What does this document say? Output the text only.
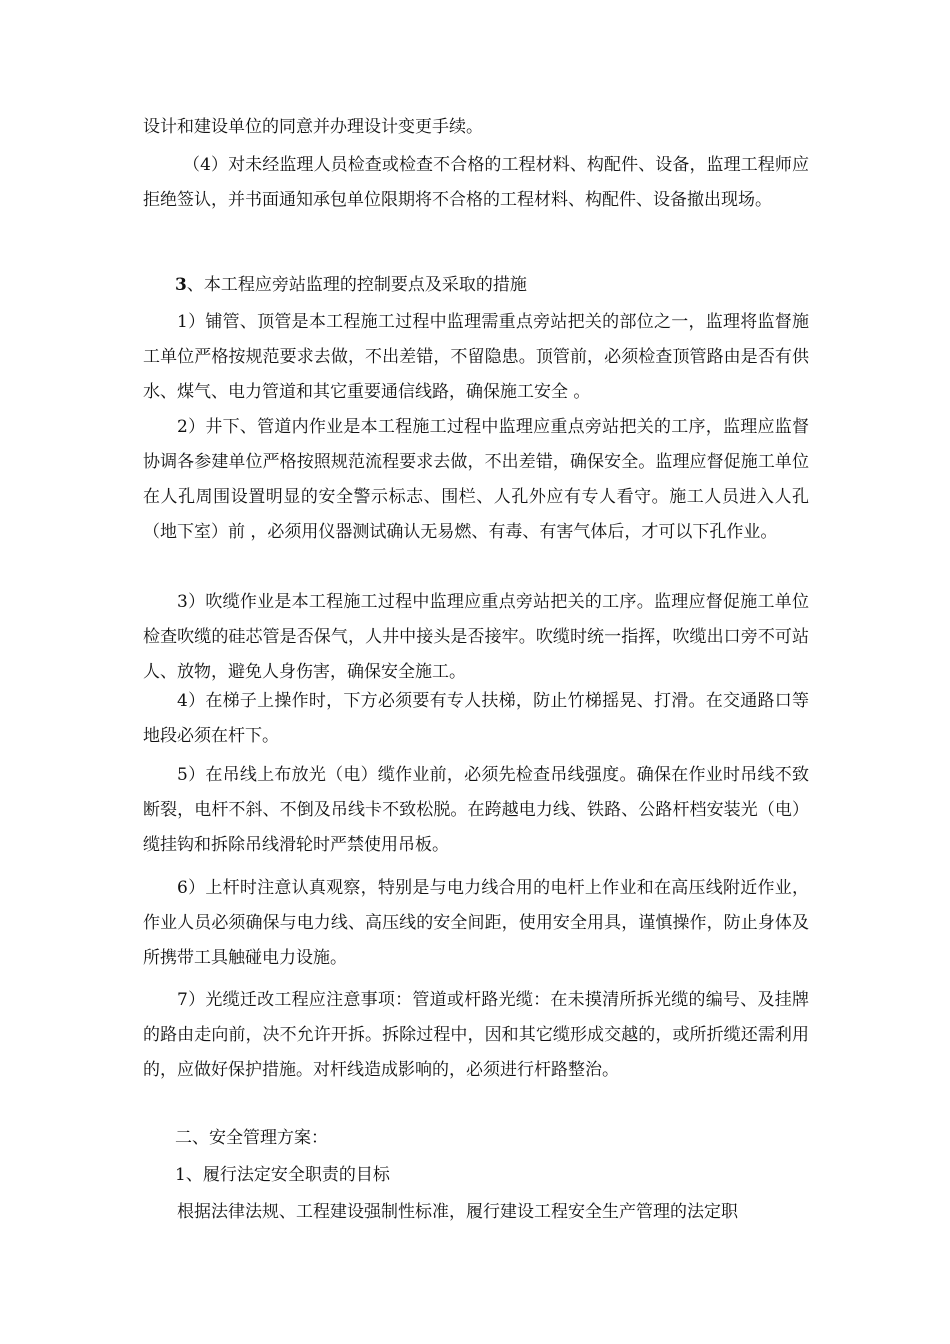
设计和建设单位的同意并办理设计变更手续。

（4）对未经监理人员检查或检查不合格的工程材料、构配件、设备，监理工程师应拒绝签认，并书面通知承包单位限期将不合格的工程材料、构配件、设备撤出现场。

3、本工程应旁站监理的控制要点及采取的措施

1）铺管、顶管是本工程施工过程中监理需重点旁站把关的部位之一，监理将监督施工单位严格按规范要求去做，不出差错，不留隐患。顶管前，必须检查顶管路由是否有供水、煤气、电力管道和其它重要通信线路，确保施工安全 。

2）井下、管道内作业是本工程施工过程中监理应重点旁站把关的工序，监理应监督协调各参建单位严格按照规范流程要求去做，不出差错，确保安全。监理应督促施工单位在人孔周围设置明显的安全警示标志、围栏、人孔外应有专人看守。施工人员进入人孔（地下室）前 ，必须用仪器测试确认无易燃、有毒、有害气体后，才可以下孔作业。

3）吹缆作业是本工程施工过程中监理应重点旁站把关的工序。监理应督促施工单位检查吹缆的硅芯管是否保气，人井中接头是否接牢。吹缆时统一指挥，吹缆出口旁不可站人、放物，避免人身伤害，确保安全施工。

4）在梯子上操作时，下方必须要有专人扶梯，防止竹梯摇晃、打滑。在交通路口等地段必须在杆下。

5）在吊线上布放光（电）缆作业前，必须先检查吊线强度。确保在作业时吊线不致断裂，电杆不斜、不倒及吊线卡不致松脱。在跨越电力线、铁路、公路杆档安装光（电）缆挂钩和拆除吊线滑轮时严禁使用吊板。

6）上杆时注意认真观察，特别是与电力线合用的电杆上作业和在高压线附近作业，作业人员必须确保与电力线、高压线的安全间距，使用安全用具，谨慎操作，防止身体及所携带工具触碰电力设施。

7）光缆迁改工程应注意事项：管道或杆路光缆：在未摸清所拆光缆的编号、及挂牌的路由走向前，决不允许开拆。拆除过程中，因和其它缆形成交越的，或所折缆还需利用的，应做好保护措施。对杆线造成影响的，必须进行杆路整治。

二、安全管理方案：

1、履行法定安全职责的目标

根据法律法规、工程建设强制性标准，履行建设工程安全生产管理的法定职
